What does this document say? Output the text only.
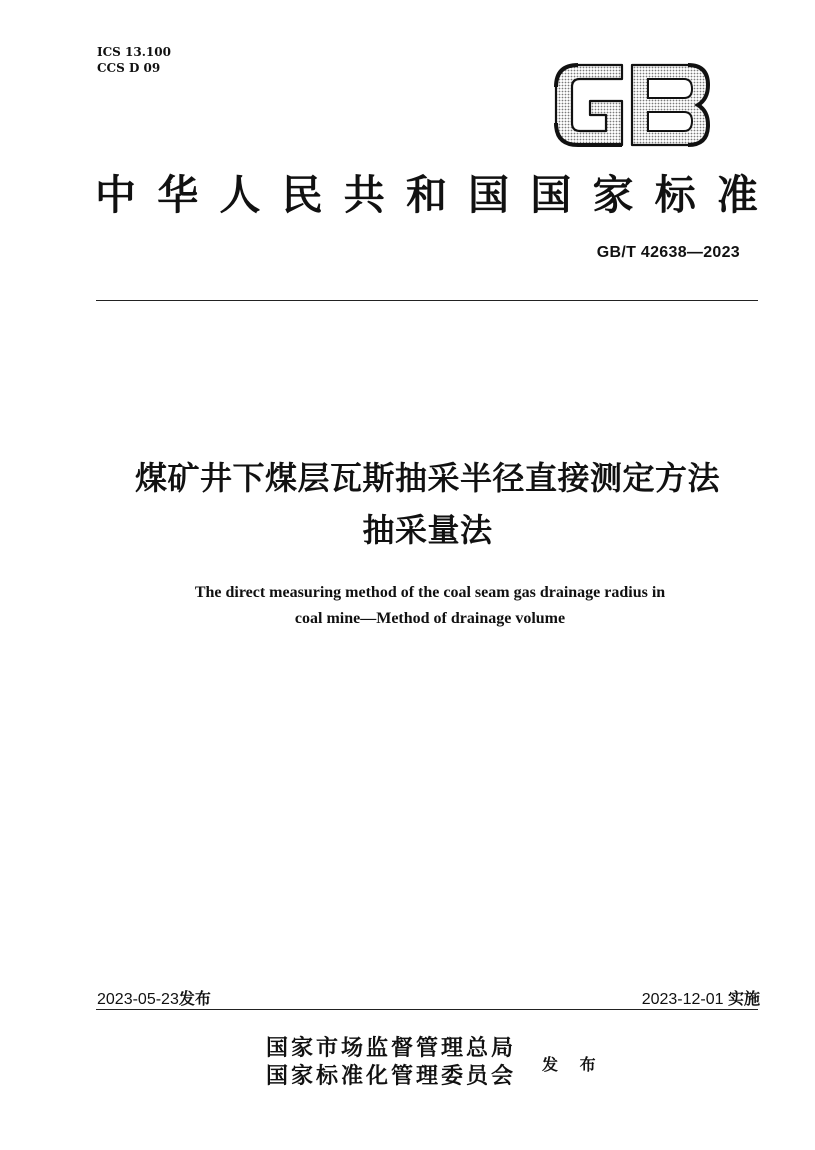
ICS 13.100
CCS D 09
中 华 人 民 共 和 国 国 家 标 准
GB/T 42638—2023
煤矿井下煤层瓦斯抽采半径直接测定方法
抽采量法
The direct measuring method of the coal seam gas drainage radius in
coal mine—Method of drainage volume
2023-05-23发布	2023-12-01 实施
国家市场监督管理总局
国家标准化管理委员会 发 布
